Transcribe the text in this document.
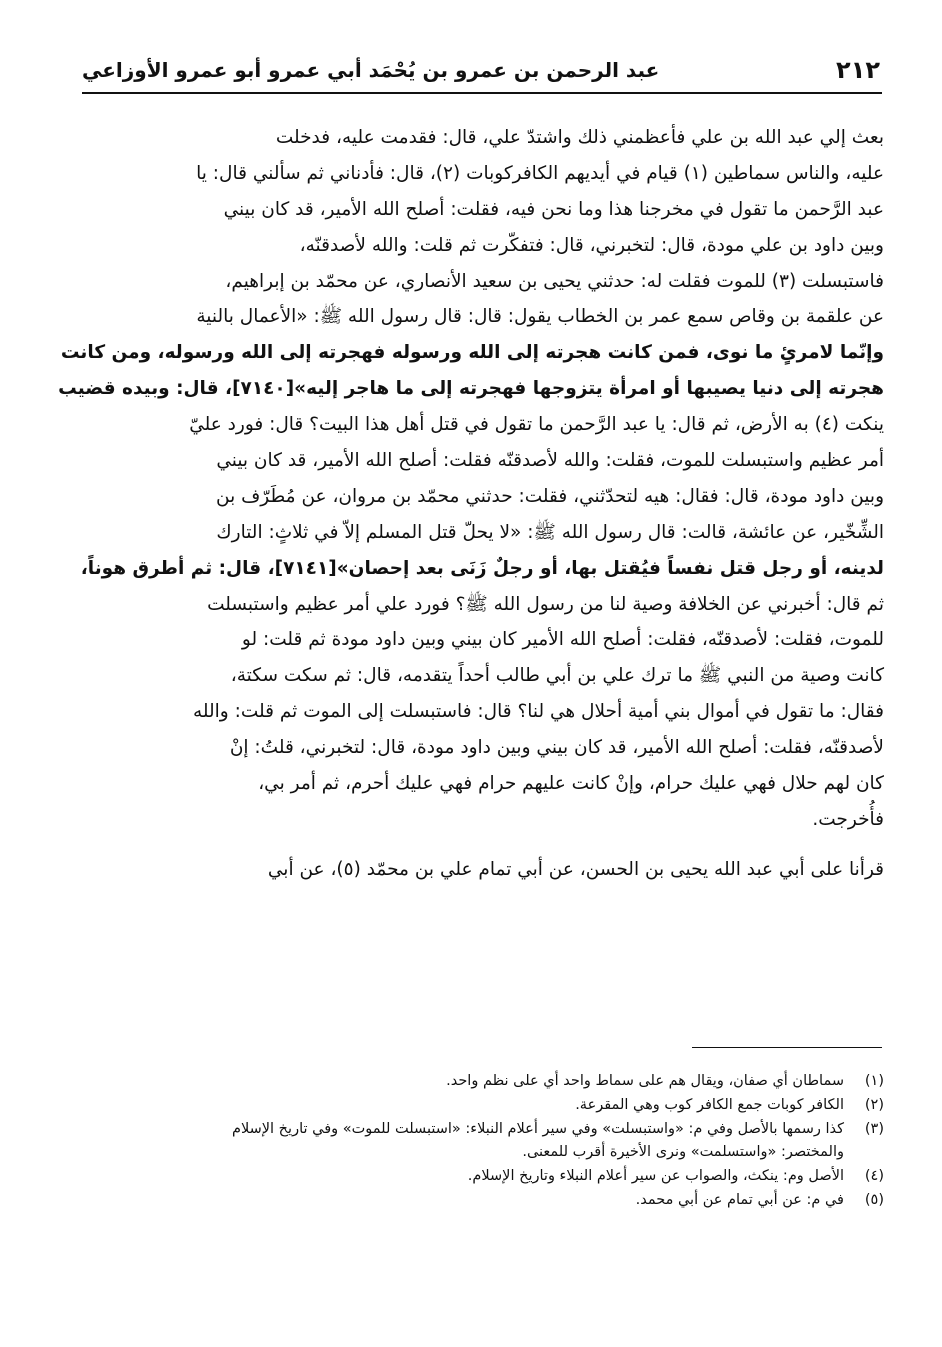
٢١٢
عبد الرحمن بن عمرو بن يُحْمَد أبي عمرو أبو عمرو الأوزاعي
بعث إلي عبد الله بن علي فأعظمني ذلك واشتدّ علي، قال: فقدمت عليه، فدخلت
عليه، والناس سماطين (١) قيام في أيديهم الكافركوبات (٢)، قال: فأدناني ثم سألني قال: يا
عبد الرَّحمن ما تقول في مخرجنا هذا وما نحن فيه، فقلت: أصلح الله الأمير، قد كان بيني
وبين داود بن علي مودة، قال: لتخبرني، قال: فتفكّرت ثم قلت: والله لأصدقنّه،
فاستبسلت (٣) للموت فقلت له: حدثني يحيى بن سعيد الأنصاري، عن محمّد بن إبراهيم،
عن علقمة بن وقاص سمع عمر بن الخطاب يقول: قال: قال رسول الله ﷺ: «الأعمال بالنية
وإنّما لامرئٍ ما نوى، فمن كانت هجرته إلى الله ورسوله فهجرته إلى الله ورسوله، ومن كانت
هجرته إلى دنيا يصيبها أو امرأة يتزوجها فهجرته إلى ما هاجر إليه»[٧١٤٠]، قال: وبيده قضيب
ينكت (٤) به الأرض، ثم قال: يا عبد الرَّحمن ما تقول في قتل أهل هذا البيت؟ قال: فورد عليّ
أمر عظيم واستبسلت للموت، فقلت: والله لأصدقنّه فقلت: أصلح الله الأمير، قد كان بيني
وبين داود مودة، قال: فقال: هيه لتحدّثني، فقلت: حدثني محمّد بن مروان، عن مُطَرّف بن
الشِّخّير، عن عائشة، قالت: قال رسول الله ﷺ: «لا يحلّ قتل المسلم إلاّ في ثلاثٍ: التارك
لدينه، أو رجل قتل نفساً فيُقتل بها، أو رجلٌ زَنَى بعد إحصان»[٧١٤١]، قال: ثم أطرق هوناً،
ثم قال: أخبرني عن الخلافة وصية لنا من رسول الله ﷺ؟ فورد علي أمر عظيم واستبسلت
للموت، فقلت: لأصدقنّه، فقلت: أصلح الله الأمير كان بيني وبين داود مودة ثم قلت: لو
كانت وصية من النبي ﷺ ما ترك علي بن أبي طالب أحداً يتقدمه، قال: ثم سكت سكتة،
فقال: ما تقول في أموال بني أمية أحلال هي لنا؟ قال: فاستبسلت إلى الموت ثم قلت: والله
لأصدقنّه، فقلت: أصلح الله الأمير، قد كان بيني وبين داود مودة، قال: لتخبرني، قلتُ: إنْ
كان لهم حلال فهي عليك حرام، وإنْ كانت عليهم حرام فهي عليك أحرم، ثم أمر بي،
فأُخرجت.
قرأنا على أبي عبد الله يحيى بن الحسن، عن أبي تمام علي بن محمّد (٥)، عن أبي
(١)
سماطان أي صفان، ويقال هم على سماط واحد أي على نظم واحد.
(٢)
الكافر كوبات جمع الكافر كوب وهي المقرعة.
(٣)
كذا رسمها بالأصل وفي م: «واستبسلت» وفي سير أعلام النبلاء: «استبسلت للموت» وفي تاريخ الإسلام
والمختصر: «واستسلمت» ونرى الأخيرة أقرب للمعنى.
(٤)
الأصل وم: ينكث، والصواب عن سير أعلام النبلاء وتاريخ الإسلام.
(٥)
في م: عن أبي تمام عن أبي محمد.
